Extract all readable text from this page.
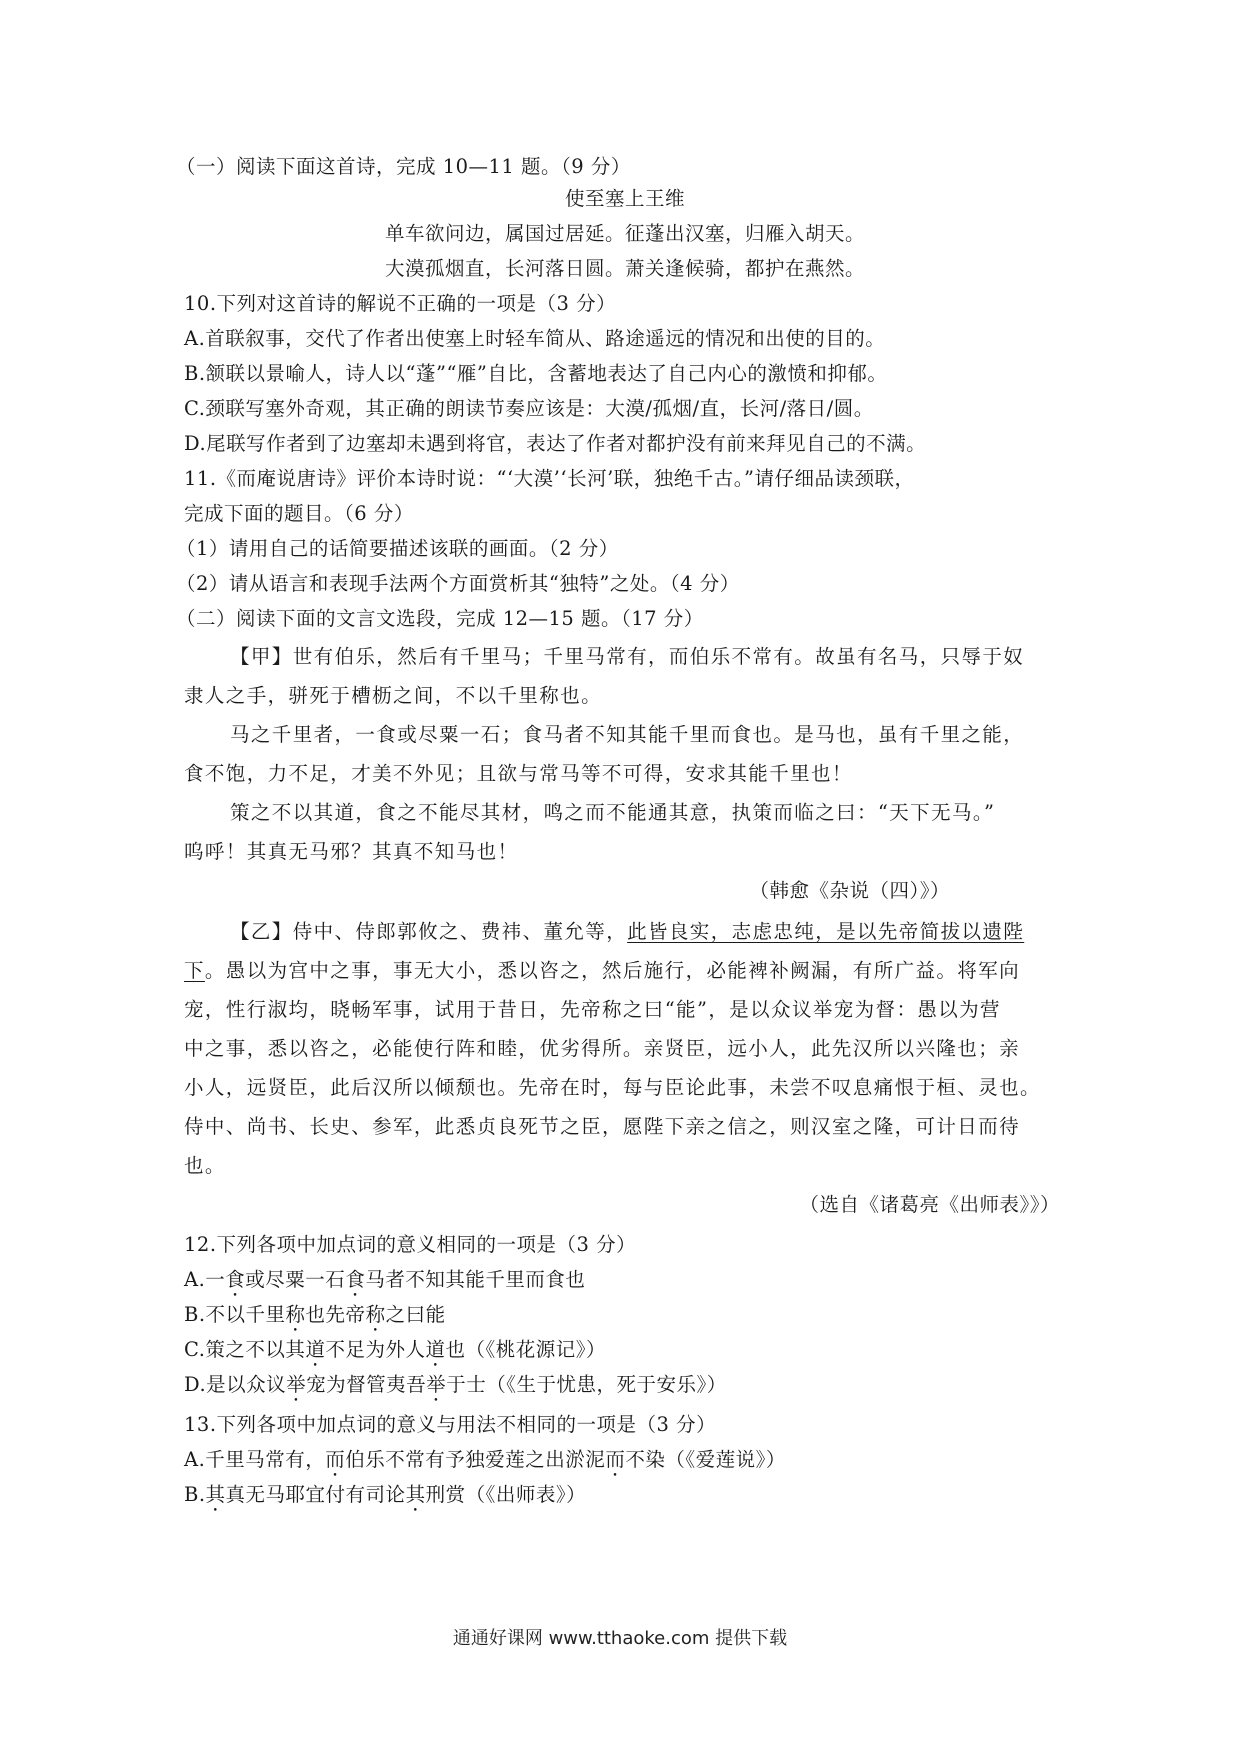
（一）阅读下面这首诗，完成 10—11 题。（9 分）

使至塞上王维

单车欲问边，属国过居延。征蓬出汉塞，归雁入胡天。

大漠孤烟直，长河落日圆。萧关逢候骑，都护在燕然。

10.下列对这首诗的解说不正确的一项是（3 分）

A.首联叙事，交代了作者出使塞上时轻车简从、路途遥远的情况和出使的目的。

B.颔联以景喻人，诗人以“蓬”“雁”自比，含蓄地表达了自己内心的激愤和抑郁。

C.颈联写塞外奇观，其正确的朗读节奏应该是：大漠/孤烟/直，长河/落日/圆。

D.尾联写作者到了边塞却未遇到将官，表达了作者对都护没有前来拜见自己的不满。

11.《而庵说唐诗》评价本诗时说：“‘大漠’‘长河’联，独绝千古。”请仔细品读颈联，

完成下面的题目。（6 分）

（1）请用自己的话简要描述该联的画面。（2 分）

（2）请从语言和表现手法两个方面赏析其“独特”之处。（4 分）

（二）阅读下面的文言文选段，完成 12—15 题。（17 分）

【甲】世有伯乐，然后有千里马；千里马常有，而伯乐不常有。故虽有名马，只辱于奴

隶人之手，骈死于槽枥之间，不以千里称也。

马之千里者，一食或尽粟一石；食马者不知其能千里而食也。是马也，虽有千里之能，

食不饱，力不足，才美不外见；且欲与常马等不可得，安求其能千里也！

策之不以其道，食之不能尽其材，鸣之而不能通其意，执策而临之曰：“天下无马。”

呜呼！其真无马邪？其真不知马也！

（韩愈《杂说（四）》）

【乙】侍中、侍郎郭攸之、费祎、董允等，此皆良实，志虑忠纯，是以先帝简拔以遗陛

下。愚以为宫中之事，事无大小，悉以咨之，然后施行，必能裨补阙漏，有所广益。将军向

宠，性行淑均，晓畅军事，试用于昔日，先帝称之曰“能”，是以众议举宠为督：愚以为营

中之事，悉以咨之，必能使行阵和睦，优劣得所。亲贤臣，远小人，此先汉所以兴隆也；亲

小人，远贤臣，此后汉所以倾颓也。先帝在时，每与臣论此事，未尝不叹息痛恨于桓、灵也。

侍中、尚书、长史、参军，此悉贞良死节之臣，愿陛下亲之信之，则汉室之隆，可计日而待

也。

（选自《诸葛亮《出师表》》）

12.下列各项中加点词的意义相同的一项是（3 分）

A.一食或尽粟一石食马者不知其能千里而食也

B.不以千里称也先帝称之曰能

C.策之不以其道不足为外人道也（《桃花源记》）

D.是以众议举宠为督管夷吾举于士（《生于忧患，死于安乐》）

13.下列各项中加点词的意义与用法不相同的一项是（3 分）

A.千里马常有，而伯乐不常有予独爱莲之出淤泥而不染（《爱莲说》）

B.其真无马耶宜付有司论其刑赏（《出师表》）

通通好课网 www.tthaoke.com 提供下载
